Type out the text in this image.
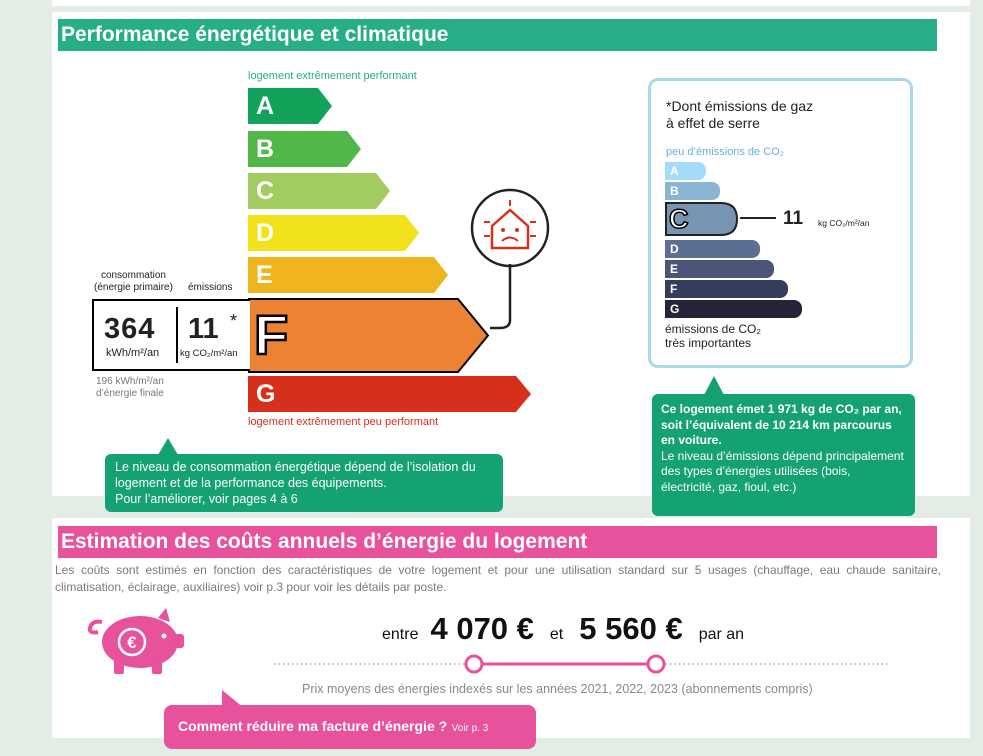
Performance énergétique et climatique
logement extrêmement performant
A
B
C
D
E
F
G
logement extrêmement peu performant
consommation
(énergie primaire) émissions
364
kWh/m²/an
11 *
kg CO₂/m²/an
196 kWh/m²/an
d’énergie finale
Le niveau de consommation énergétique dépend de l’isolation du logement et de la performance des équipements.
Pour l’améliorer, voir pages 4 à 6
*Dont émissions de gaz
à effet de serre
peu d’émissions de CO₂
A
B
C
D
E
F
G
11 kg CO₂/m²/an
émissions de CO₂
très importantes
Ce logement émet 1 971 kg de CO₂ par an, soit l’équivalent de 10 214 km parcourus en voiture.
Le niveau d’émissions dépend principalement des types d’énergies utilisées (bois, électricité, gaz, fioul, etc.)
Estimation des coûts annuels d’énergie du logement
Les coûts sont estimés en fonction des caractéristiques de votre logement et pour une utilisation standard sur 5 usages (chauffage, eau chaude sanitaire, climatisation, éclairage, auxiliaires) voir p.3 pour voir les détails par poste.
€	entre 4 070 € et 5 560 € par an
Prix moyens des énergies indexés sur les années 2021, 2022, 2023 (abonnements compris)
Comment réduire ma facture d’énergie ? Voir p. 3
